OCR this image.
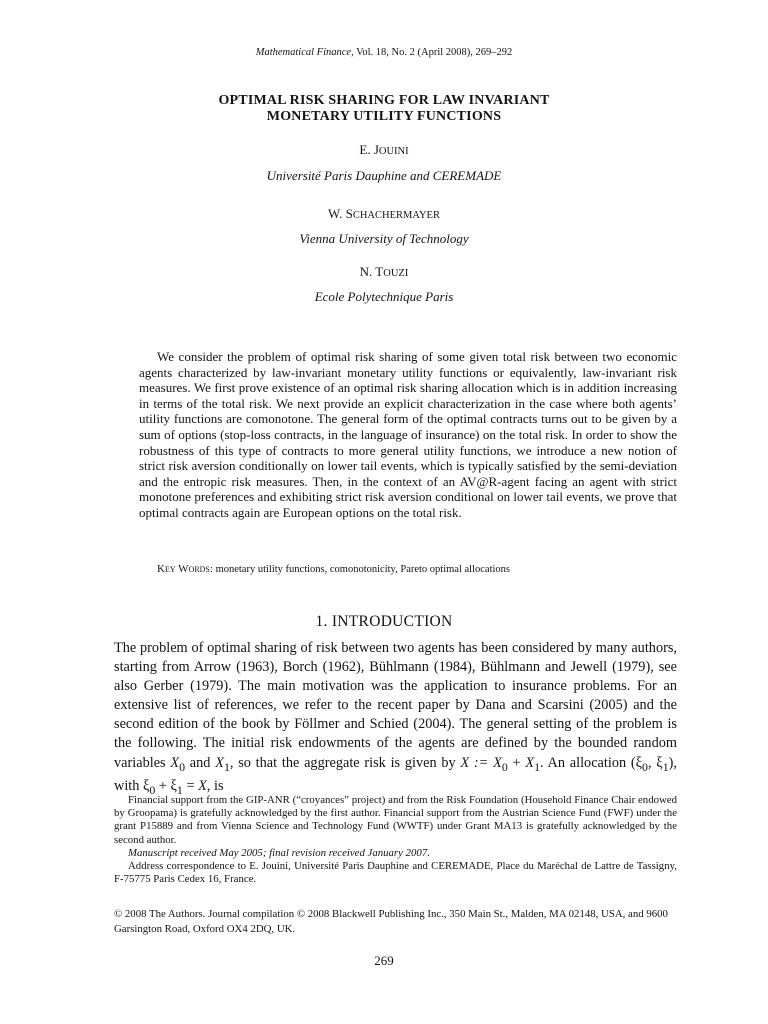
Mathematical Finance, Vol. 18, No. 2 (April 2008), 269–292
OPTIMAL RISK SHARING FOR LAW INVARIANT
MONETARY UTILITY FUNCTIONS
E. JOUINI
Université Paris Dauphine and CEREMADE
W. SCHACHERMAYER
Vienna University of Technology
N. TOUZI
Ecole Polytechnique Paris

We consider the problem of optimal risk sharing of some given total risk between two economic agents characterized by law-invariant monetary utility functions or equivalently, law-invariant risk measures. We first prove existence of an optimal risk sharing allocation which is in addition increasing in terms of the total risk. We next provide an explicit characterization in the case where both agents’ utility functions are comonotone. The general form of the optimal contracts turns out to be given by a sum of options (stop-loss contracts, in the language of insurance) on the total risk. In order to show the robustness of this type of contracts to more general utility functions, we introduce a new notion of strict risk aversion conditionally on lower tail events, which is typically satisfied by the semi-deviation and the entropic risk measures. Then, in the context of an AV@R-agent facing an agent with strict monotone preferences and exhibiting strict risk aversion conditional on lower tail events, we prove that optimal contracts again are European options on the total risk.

Key Words: monetary utility functions, comonotonicity, Pareto optimal allocations
1. INTRODUCTION

The problem of optimal sharing of risk between two agents has been considered by many authors, starting from Arrow (1963), Borch (1962), Bühlmann (1984), Bühlmann and Jewell (1979), see also Gerber (1979). The main motivation was the application to insurance problems. For an extensive list of references, we refer to the recent paper by Dana and Scarsini (2005) and the second edition of the book by Föllmer and Schied (2004). The general setting of the problem is the following. The initial risk endowments of the agents are defined by the bounded random variables $X_0$ and $X_1$, so that the aggregate risk is given by X := $X_0 + X_1$. An allocation ($\xi_0$, $\xi_1$), with $\xi_0 + \xi_1 = X$, is

Financial support from the GIP-ANR (“croyances” project) and from the Risk Foundation (Household Finance Chair endowed by Groopama) is gratefully acknowledged by the first author. Financial support from the Austrian Science Fund (FWF) under the grant P15889 and from Vienna Science and Technology Fund (WWTF) under Grant MA13 is gratefully acknowledged by the second author.

Manuscript received May 2005; final revision received January 2007.

Address correspondence to E. Jouini, Université Paris Dauphine and CEREMADE, Place du Maréchal de Lattre de Tassigny, F-75775 Paris Cedex 16, France.

© 2008 The Authors. Journal compilation © 2008 Blackwell Publishing Inc., 350 Main St., Malden, MA 02148, USA, and 9600 Garsington Road, Oxford OX4 2DQ, UK.

269
